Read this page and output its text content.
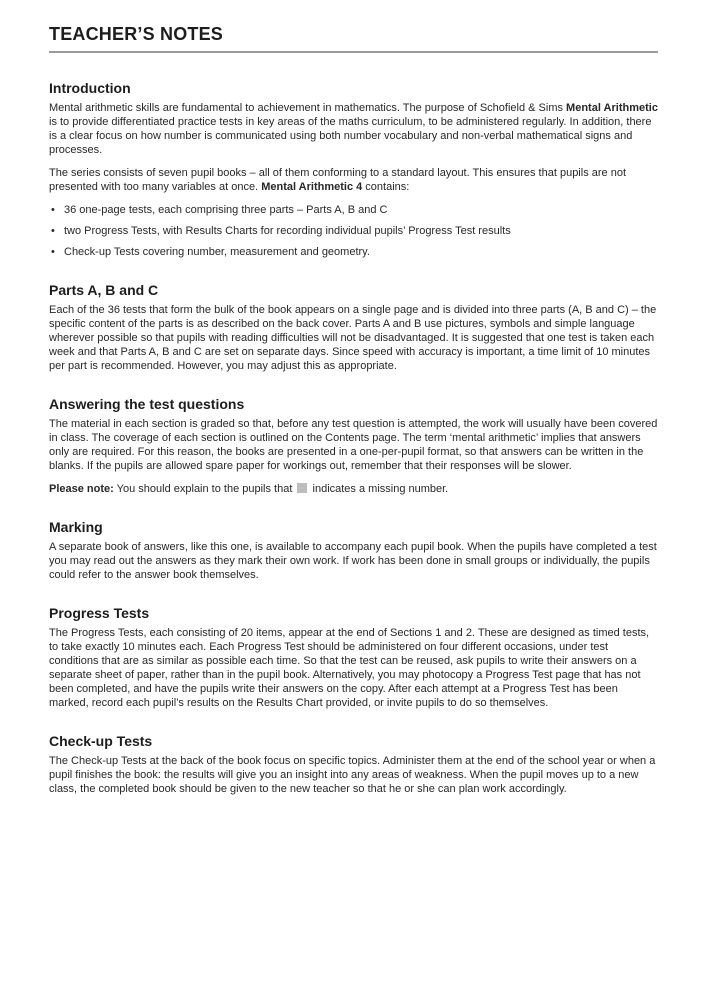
TEACHER’S NOTES
Introduction

Mental arithmetic skills are fundamental to achievement in mathematics. The purpose of Schofield & Sims Mental Arithmetic is to provide differentiated practice tests in key areas of the maths curriculum, to be administered regularly. In addition, there is a clear focus on how number is communicated using both number vocabulary and non-verbal mathematical signs and processes.

The series consists of seven pupil books – all of them conforming to a standard layout. This ensures that pupils are not presented with too many variables at once. Mental Arithmetic 4 contains:

• 36 one-page tests, each comprising three parts – Parts A, B and C
• two Progress Tests, with Results Charts for recording individual pupils’ Progress Test results
• Check-up Tests covering number, measurement and geometry.
Parts A, B and C

Each of the 36 tests that form the bulk of the book appears on a single page and is divided into three parts (A, B and C) – the specific content of the parts is as described on the back cover. Parts A and B use pictures, symbols and simple language wherever possible so that pupils with reading difficulties will not be disadvantaged. It is suggested that one test is taken each week and that Parts A, B and C are set on separate days. Since speed with accuracy is important, a time limit of 10 minutes per part is recommended. However, you may adjust this as appropriate.

Answering the test questions

The material in each section is graded so that, before any test question is attempted, the work will usually have been covered in class. The coverage of each section is outlined on the Contents page. The term ‘mental arithmetic’ implies that answers only are required. For this reason, the books are presented in a one-per-pupil format, so that answers can be written in the blanks. If the pupils are allowed spare paper for workings out, remember that their responses will be slower.

Please note: You should explain to the pupils that  indicates a missing number.

Marking

A separate book of answers, like this one, is available to accompany each pupil book. When the pupils have completed a test you may read out the answers as they mark their own work. If work has been done in small groups or individually, the pupils could refer to the answer book themselves.

Progress Tests

The Progress Tests, each consisting of 20 items, appear at the end of Sections 1 and 2. These are designed as timed tests, to take exactly 10 minutes each. Each Progress Test should be administered on four different occasions, under test conditions that are as similar as possible each time. So that the test can be reused, ask pupils to write their answers on a separate sheet of paper, rather than in the pupil book. Alternatively, you may photocopy a Progress Test page that has not been completed, and have the pupils write their answers on the copy. After each attempt at a Progress Test has been marked, record each pupil’s results on the Results Chart provided, or invite pupils to do so themselves.

Check-up Tests

The Check-up Tests at the back of the book focus on specific topics. Administer them at the end of the school year or when a pupil finishes the book: the results will give you an insight into any areas of weakness. When the pupil moves up to a new class, the completed book should be given to the new teacher so that he or she can plan work accordingly.
